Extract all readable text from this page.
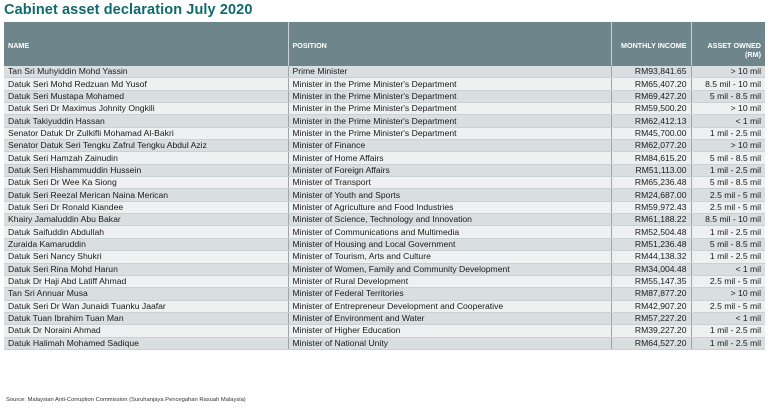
Cabinet asset declaration July 2020
NAME	POSITION	MONTHLY INCOME	ASSET OWNED (RM)
Tan Sri Muhyiddin Mohd Yassin	Prime Minister	RM93,841.65	> 10 mil
Datuk Seri Mohd Redzuan Md Yusof	Minister in the Prime Minister's Department	RM65,407.20	8.5 mil - 10 mil
Datuk Seri Mustapa Mohamed	Minister in the Prime Minister's Department	RM69,427.20	5 mil - 8.5 mil
Datuk Seri Dr Maximus Johnity Ongkili	Minister in the Prime Minister's Department	RM59,500.20	> 10 mil
Datuk Takiyuddin Hassan	Minister in the Prime Minister's Department	RM62,412.13	< 1 mil
Senator Datuk Dr Zulkifli Mohamad Al-Bakri	Minister in the Prime Minister's Department	RM45,700.00	1 mil - 2.5 mil
Senator Datuk Seri Tengku Zafrul Tengku Abdul Aziz	Minister of Finance	RM62,077.20	> 10 mil
Datuk Seri Hamzah Zainudin	Minister of Home Affairs	RM84,615.20	5 mil - 8.5 mil
Datuk Seri Hishammuddin Hussein	Minister of Foreign Affairs	RM51,113.00	1 mil - 2.5 mil
Datuk Seri Dr Wee Ka Siong	Minister of Transport	RM65,236.48	5 mil - 8.5 mil
Datuk Seri Reezal Merican Naina Merican	Minister of Youth and Sports	RM24,687.00	2.5 mil - 5 mil
Datuk Seri Dr Ronald Kiandee	Minister of Agriculture and Food Industries	RM59,972.43	2.5 mil - 5 mil
Khairy Jamaluddin Abu Bakar	Minister of Science, Technology and Innovation	RM61,188.22	8.5 mil - 10 mil
Datuk Saifuddin Abdullah	Minister of Communications and Multimedia	RM52,504.48	1 mil - 2.5 mil
Zuraida Kamaruddin	Minister of Housing and Local Government	RM51,236.48	5 mil - 8.5 mil
Datuk Seri Nancy Shukri	Minister of Tourism, Arts and Culture	RM44,138.32	1 mil - 2.5 mil
Datuk Seri Rina Mohd Harun	Minister of Women, Family and Community Development	RM34,004.48	< 1 mil
Datuk Dr Haji Abd Latiff Ahmad	Minister of Rural Development	RM55,147.35	2.5 mil - 5 mil
Tan Sri Annuar Musa	Minister of Federal Territories	RM87,877.20	> 10 mil
Datuk Seri Dr Wan Junaidi Tuanku Jaafar	Minister of Entrepreneur Development and Cooperative	RM42,907.20	2.5 mil - 5 mil
Datuk Tuan Ibrahim Tuan Man	Minister of Environment and Water	RM57,227.20	< 1 mil
Datuk Dr Noraini Ahmad	Minister of Higher Education	RM39,227.20	1 mil - 2.5 mil
Datuk Halimah Mohamed Sadique	Minister of National Unity	RM64,527.20	1 mil - 2.5 mil
Source: Malaysian Anti-Corruption Commission (Suruhanjaya Pencegahan Rasuah Malaysia)
